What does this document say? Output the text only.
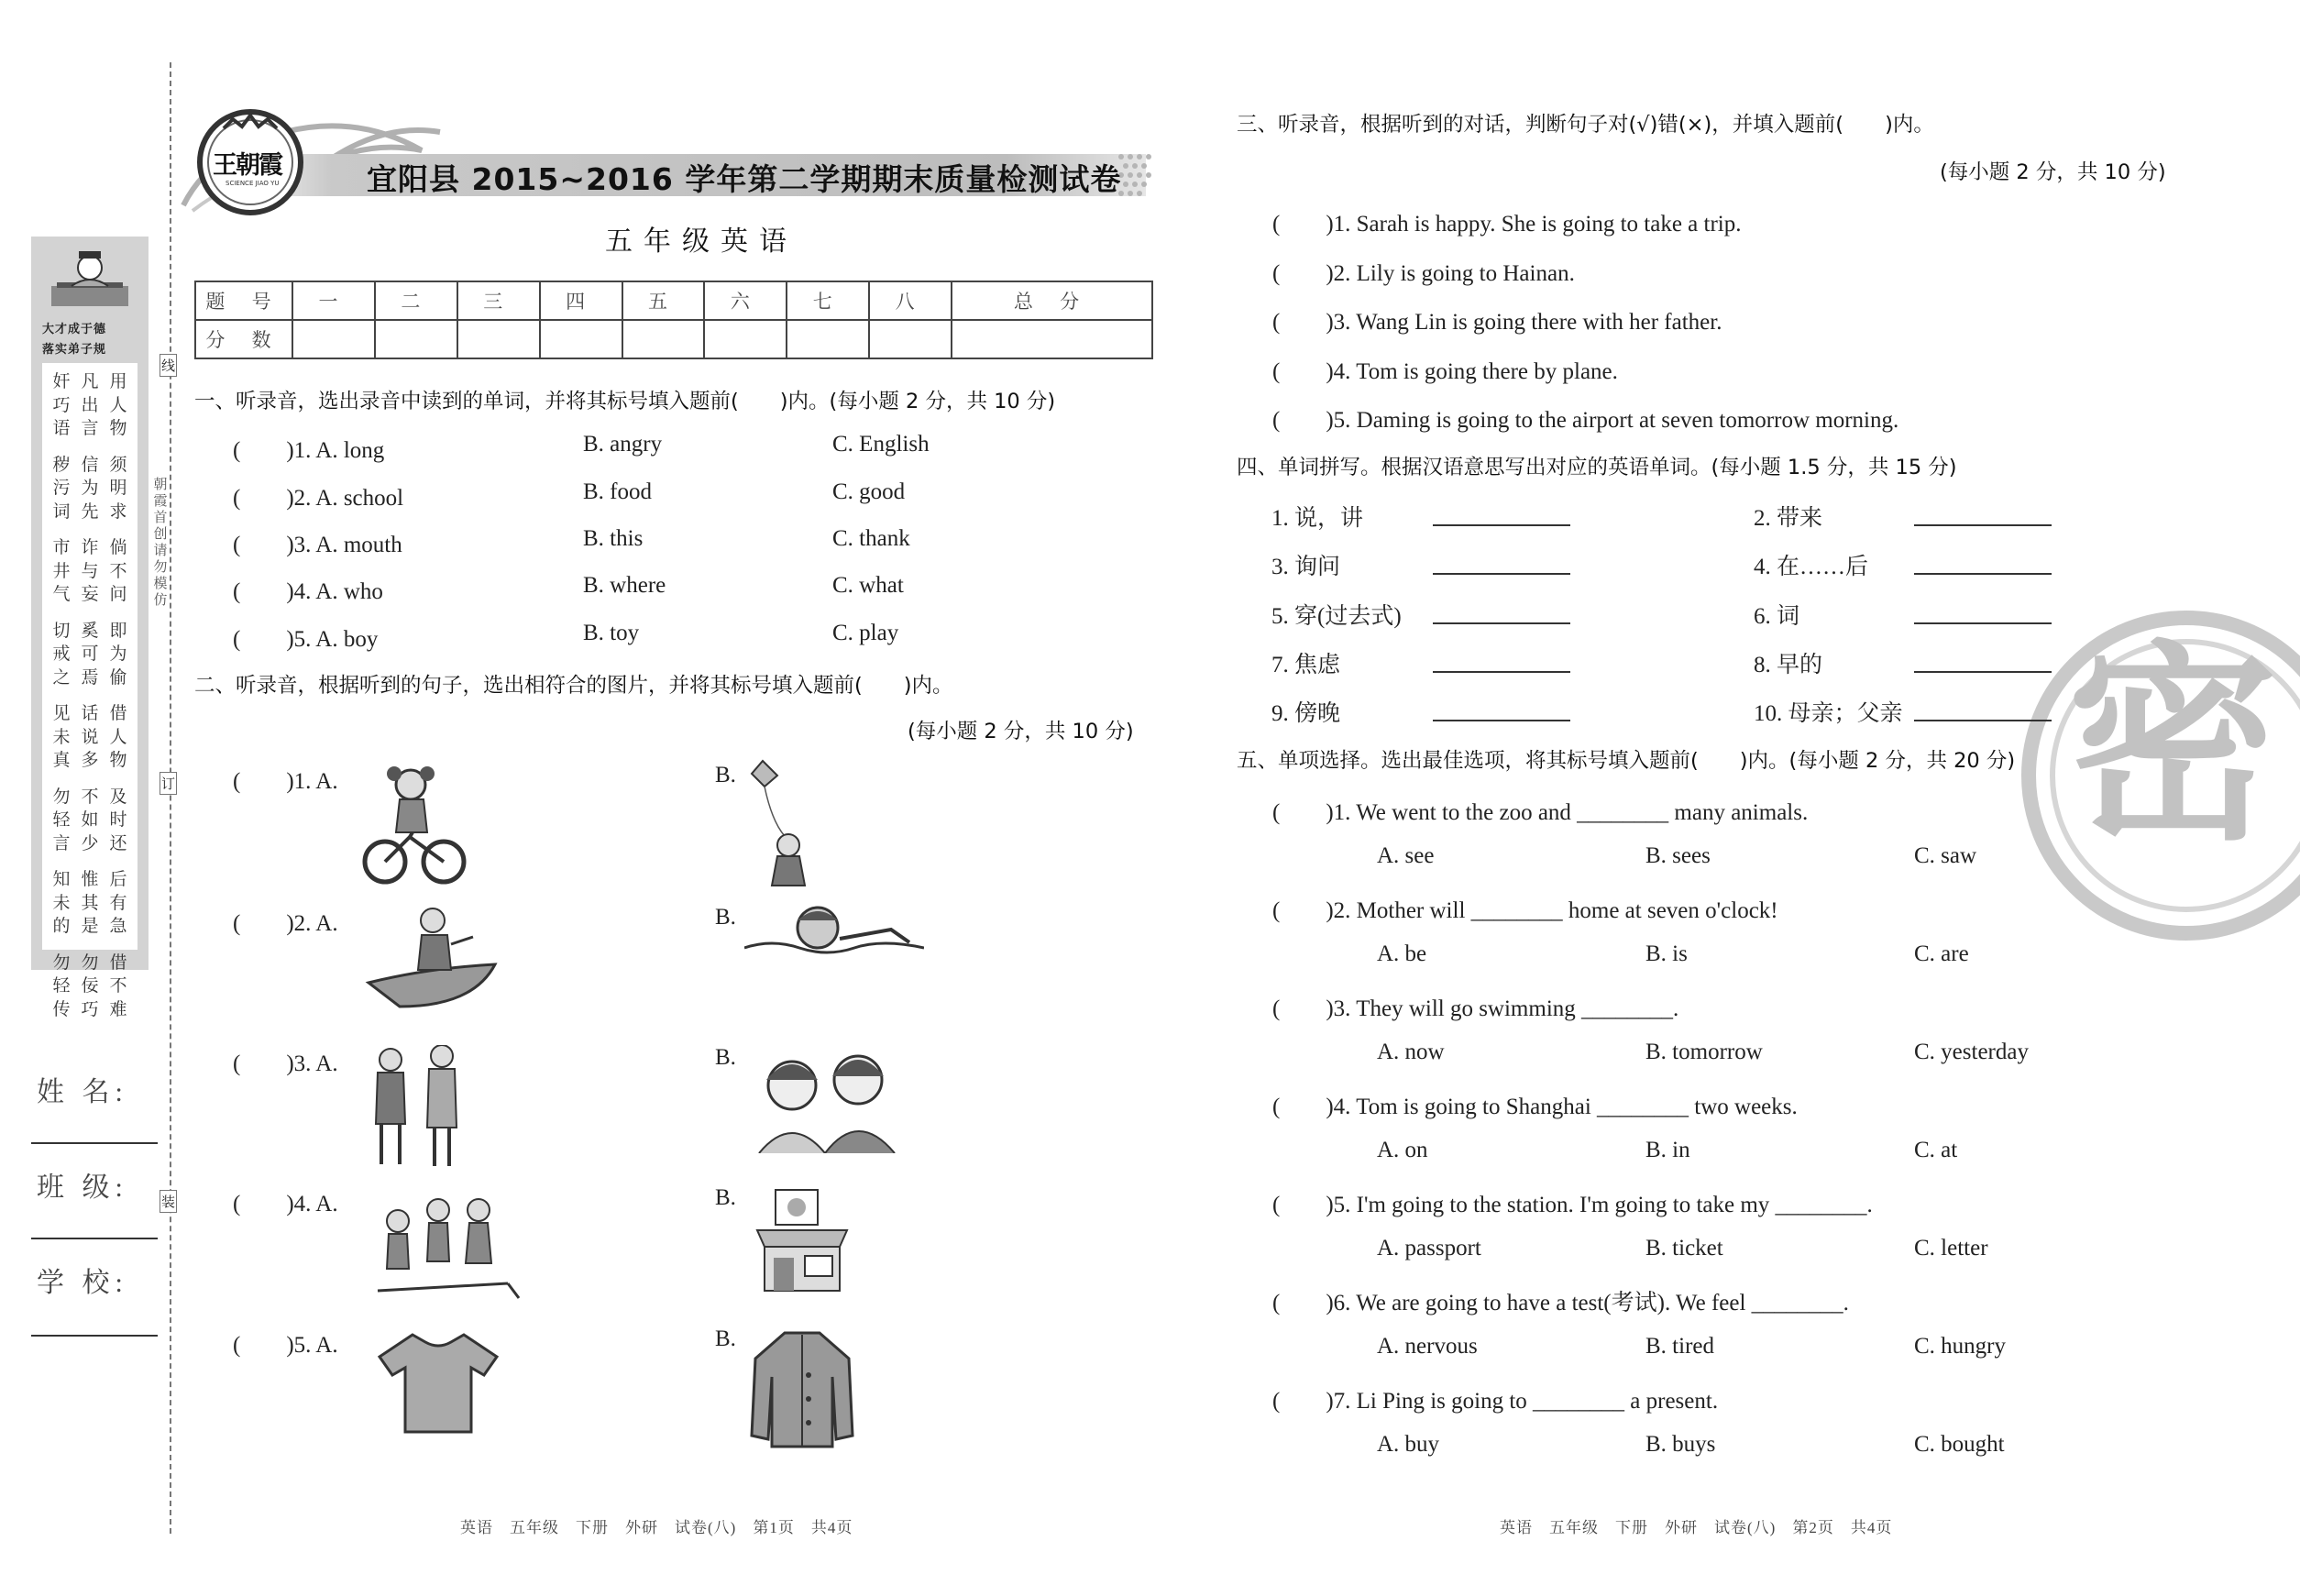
大才成于德
落实弟子规
奸
巧
语
秽
污
词
市
井
气
切
戒
之
见
未
真
勿
轻
言
知
未
的
勿
轻
传
凡
出
言
信
为
先
诈
与
妄
奚
可
焉
话
说
多
不
如
少
惟
其
是
勿
佞
巧
用
人
物
须
明
求
倘
不
问
即
为
偷
借
人
物
及
时
还
后
有
急
借
不
难
朝
霞
首
创
请
勿
模
仿
线
订
装
姓 名:
班 级:
学 校:
王朝霞
SCIENCE JIAO YU	宜阳县 2015~2016 学年第二学期期末质量检测试卷
五年级英语
题 号	一	二	三	四	五	六	七	八	总 分
分 数									
一、听录音，选出录音中读到的单词，并将其标号填入题前(　　)内。(每小题 2 分，共 10 分)
(　　)1. A. long	B. angry	C. English
(　　)2. A. school	B. food	C. good
(　　)3. A. mouth	B. this	C. thank
(　　)4. A. who	B. where	C. what
(　　)5. A. boy	B. toy	C. play
二、听录音，根据听到的句子，选出相符合的图片，并将其标号填入题前(　　)内。
(每小题 2 分，共 10 分)
(　　)1. A.	B.
(　　)2. A.	B.
(　　)3. A.	B.
(　　)4. A.	B.
(　　)5. A.	B.
英语　五年级　下册　外研　试卷(八)　第1页　共4页
密
三、听录音，根据听到的对话，判断句子对(√)错(×)，并填入题前(　　)内。
(每小题 2 分，共 10 分)
(　　)1. Sarah is happy. She is going to take a trip.
(　　)2. Lily is going to Hainan.
(　　)3. Wang Lin is going there with her father.
(　　)4. Tom is going there by plane.
(　　)5. Daming is going to the airport at seven tomorrow morning.
四、单词拼写。根据汉语意思写出对应的英语单词。(每小题 1.5 分，共 15 分)
1. 说，讲	2. 带来
3. 询问	4. 在……后
5. 穿(过去式)	6. 词
7. 焦虑	8. 早的
9. 傍晚	10. 母亲；父亲
五、单项选择。选出最佳选项，将其标号填入题前(　　)内。(每小题 2 分，共 20 分)
(　　)1. We went to the zoo and ________ many animals.
A. see	B. sees	C. saw
(　　)2. Mother will ________ home at seven o'clock!
A. be	B. is	C. are
(　　)3. They will go swimming ________.
A. now	B. tomorrow	C. yesterday
(　　)4. Tom is going to Shanghai ________ two weeks.
A. on	B. in	C. at
(　　)5. I'm going to the station. I'm going to take my ________.
A. passport	B. ticket	C. letter
(　　)6. We are going to have a test(考试). We feel ________.
A. nervous	B. tired	C. hungry
(　　)7. Li Ping is going to ________ a present.
A. buy	B. buys	C. bought
英语　五年级　下册　外研　试卷(八)　第2页　共4页
